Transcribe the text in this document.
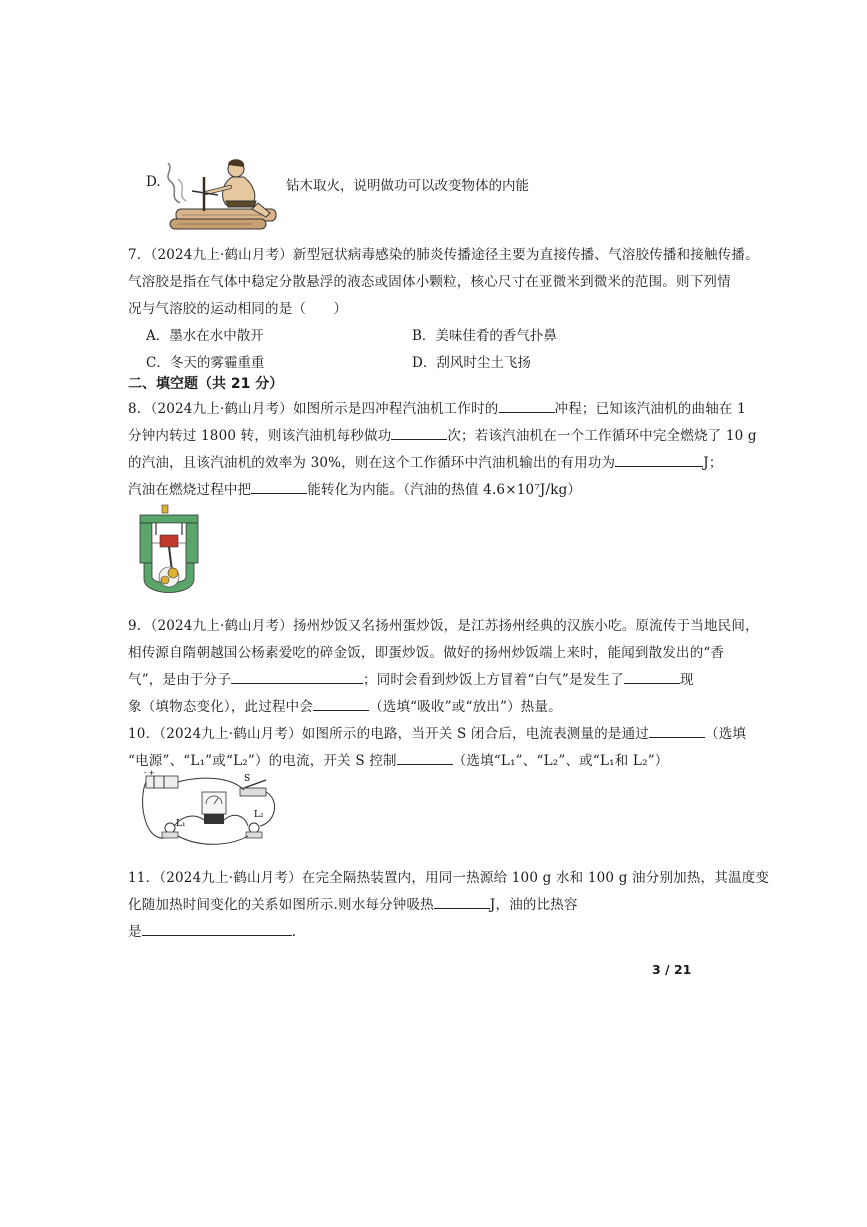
D.	钻木取火，说明做功可以改变物体的内能
7．（2024九上·鹤山月考）新型冠状病毒感染的肺炎传播途径主要为直接传播、气溶胶传播和接触传播。
气溶胶是指在气体中稳定分散悬浮的液态或固体小颗粒，核心尺寸在亚微米到微米的范围。则下列情
况与气溶胶的运动相同的是（　　）
A．墨水在水中散开	B．美味佳肴的香气扑鼻
C．冬天的雾霾重重	D．刮风时尘土飞扬
二、填空题（共 21 分）
8．（2024九上·鹤山月考）如图所示是四冲程汽油机工作时的	冲程；已知该汽油机的曲轴在 1
分钟内转过 1800 转，则该汽油机每秒做功	次；若该汽油机在一个工作循环中完全燃烧了 10 g
的汽油，且该汽油机的效率为 30%，则在这个工作循环中汽油机输出的有用功为	J；
汽油在燃烧过程中把	能转化为内能。（汽油的热值 4.6×10⁷J/kg）
9．（2024九上·鹤山月考）扬州炒饭又名扬州蛋炒饭，是江苏扬州经典的汉族小吃。原流传于当地民间，
相传源自隋朝越国公杨素爱吃的碎金饭，即蛋炒饭。做好的扬州炒饭端上来时，能闻到散发出的“香
气”，是由于分子	；同时会看到炒饭上方冒着“白气”是发生了	现
象（填物态变化），此过程中会	（选填“吸收”或“放出”）热量。
10．（2024九上·鹤山月考）如图所示的电路，当开关 S 闭合后，电流表测量的是通过	（选填
“电源”、“L₁”或“L₂”）的电流，开关 S 控制	（选填“L₁”、“L₂”、或“L₁和 L₂”）
- +
S
L₁
L₂
11．（2024九上·鹤山月考）在完全隔热装置内，用同一热源给 100 g 水和 100 g 油分别加热，其温度变
化随加热时间变化的关系如图所示.则水每分钟吸热	J，油的比热容
是	.
3 / 21
